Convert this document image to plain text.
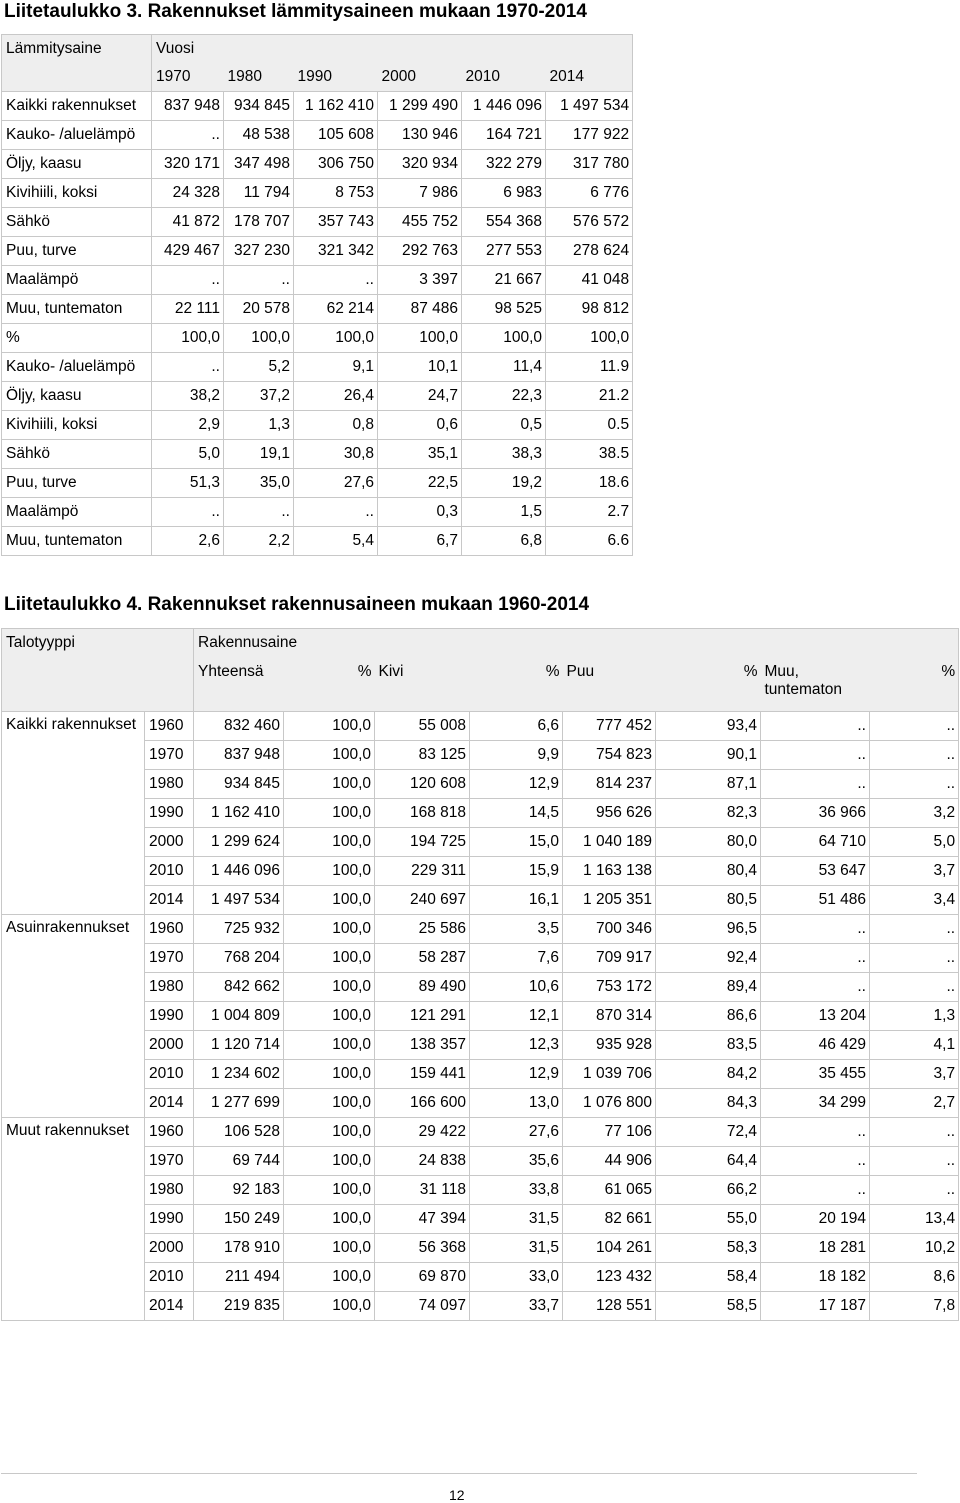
Liitetaulukko 3. Rakennukset lämmitysaineen mukaan 1970-2014
Lämmitysaine	Vuosi					
	1970	1980	1990	2000	2010	2014
Kaikki rakennukset	837 948	934 845	1 162 410	1 299 490	1 446 096	1 497 534
Kauko- /aluelämpö	..	48 538	105 608	130 946	164 721	177 922
Öljy, kaasu	320 171	347 498	306 750	320 934	322 279	317 780
Kivihiili, koksi	24 328	11 794	8 753	7 986	6 983	6 776
Sähkö	41 872	178 707	357 743	455 752	554 368	576 572
Puu, turve	429 467	327 230	321 342	292 763	277 553	278 624
Maalämpö	..	..	..	3 397	21 667	41 048
Muu, tuntematon	22 111	20 578	62 214	87 486	98 525	98 812
%	100,0	100,0	100,0	100,0	100,0	100,0
Kauko- /aluelämpö	..	5,2	9,1	10,1	11,4	11.9
Öljy, kaasu	38,2	37,2	26,4	24,7	22,3	21.2
Kivihiili, koksi	2,9	1,3	0,8	0,6	0,5	0.5
Sähkö	5,0	19,1	30,8	35,1	38,3	38.5
Puu, turve	51,3	35,0	27,6	22,5	19,2	18.6
Maalämpö	..	..	..	0,3	1,5	2.7
Muu, tuntematon	2,6	2,2	5,4	6,7	6,8	6.6
Liitetaulukko 4. Rakennukset rakennusaineen mukaan 1960-2014
Talotyyppi		Rakennusaine							
		Yhteensä	%	Kivi	%	Puu	%	Muu, tuntematon	%
Kaikki rakennukset	1960	832 460	100,0	55 008	6,6	777 452	93,4	..	..
	1970	837 948	100,0	83 125	9,9	754 823	90,1	..	..
	1980	934 845	100,0	120 608	12,9	814 237	87,1	..	..
	1990	1 162 410	100,0	168 818	14,5	956 626	82,3	36 966	3,2
	2000	1 299 624	100,0	194 725	15,0	1 040 189	80,0	64 710	5,0
	2010	1 446 096	100,0	229 311	15,9	1 163 138	80,4	53 647	3,7
	2014	1 497 534	100,0	240 697	16,1	1 205 351	80,5	51 486	3,4
Asuinrakennukset	1960	725 932	100,0	25 586	3,5	700 346	96,5	..	..
	1970	768 204	100,0	58 287	7,6	709 917	92,4	..	..
	1980	842 662	100,0	89 490	10,6	753 172	89,4	..	..
	1990	1 004 809	100,0	121 291	12,1	870 314	86,6	13 204	1,3
	2000	1 120 714	100,0	138 357	12,3	935 928	83,5	46 429	4,1
	2010	1 234 602	100,0	159 441	12,9	1 039 706	84,2	35 455	3,7
	2014	1 277 699	100,0	166 600	13,0	1 076 800	84,3	34 299	2,7
Muut rakennukset	1960	106 528	100,0	29 422	27,6	77 106	72,4	..	..
	1970	69 744	100,0	24 838	35,6	44 906	64,4	..	..
	1980	92 183	100,0	31 118	33,8	61 065	66,2	..	..
	1990	150 249	100,0	47 394	31,5	82 661	55,0	20 194	13,4
	2000	178 910	100,0	56 368	31,5	104 261	58,3	18 281	10,2
	2010	211 494	100,0	69 870	33,0	123 432	58,4	18 182	8,6
	2014	219 835	100,0	74 097	33,7	128 551	58,5	17 187	7,8
12
